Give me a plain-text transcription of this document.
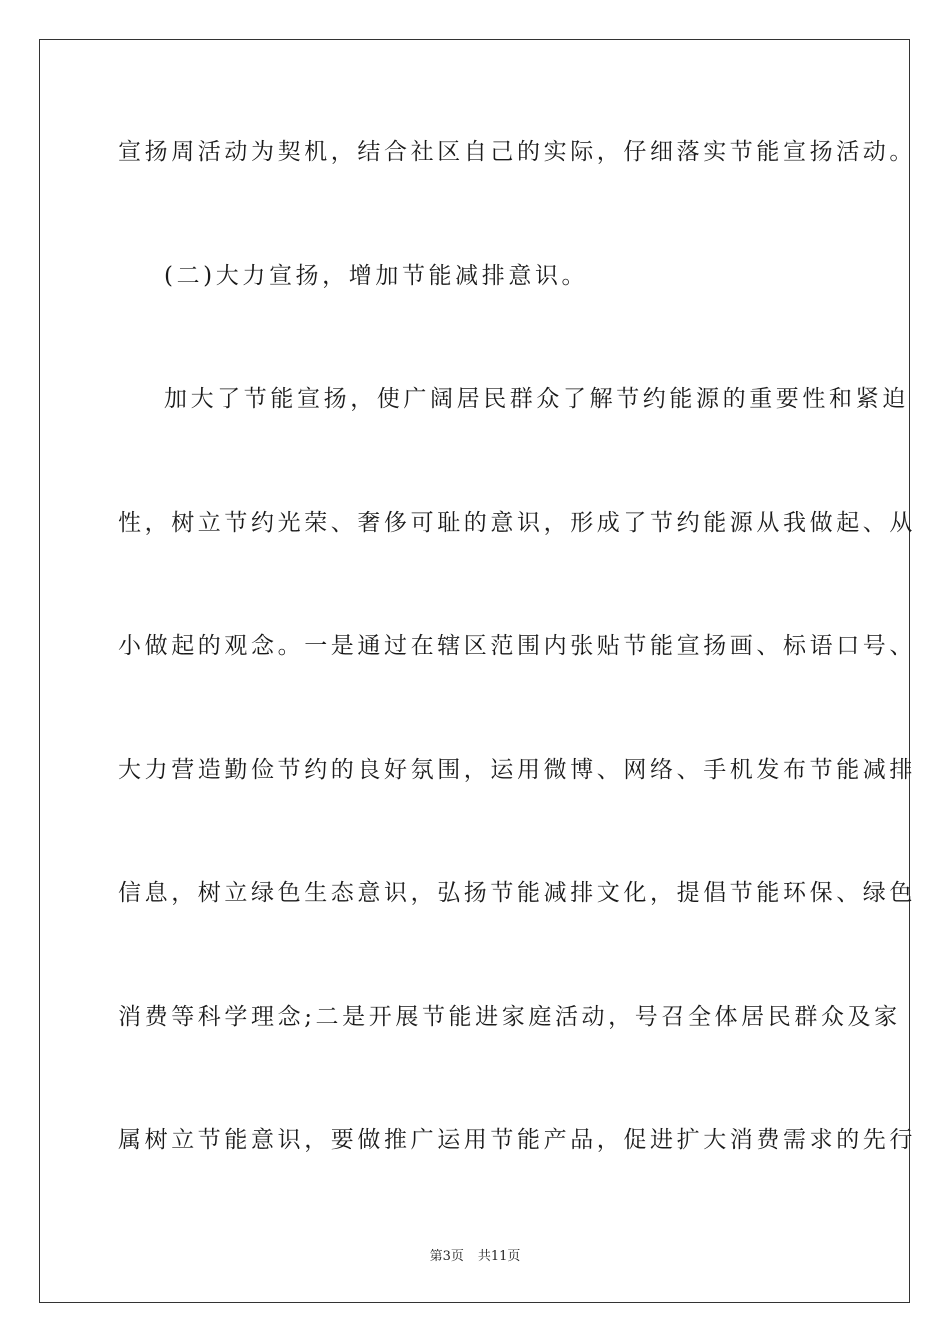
宣扬周活动为契机，结合社区自己的实际，仔细落实节能宣扬活动。
(二)大力宣扬，增加节能减排意识。
加大了节能宣扬，使广阔居民群众了解节约能源的重要性和紧迫
性，树立节约光荣、奢侈可耻的意识，形成了节约能源从我做起、从
小做起的观念。一是通过在辖区范围内张贴节能宣扬画、标语口号、
大力营造勤俭节约的良好氛围，运用微博、网络、手机发布节能减排
信息，树立绿色生态意识，弘扬节能减排文化，提倡节能环保、绿色
消费等科学理念;二是开展节能进家庭活动，号召全体居民群众及家
属树立节能意识，要做推广运用节能产品，促进扩大消费需求的先行
第3页 共11页
